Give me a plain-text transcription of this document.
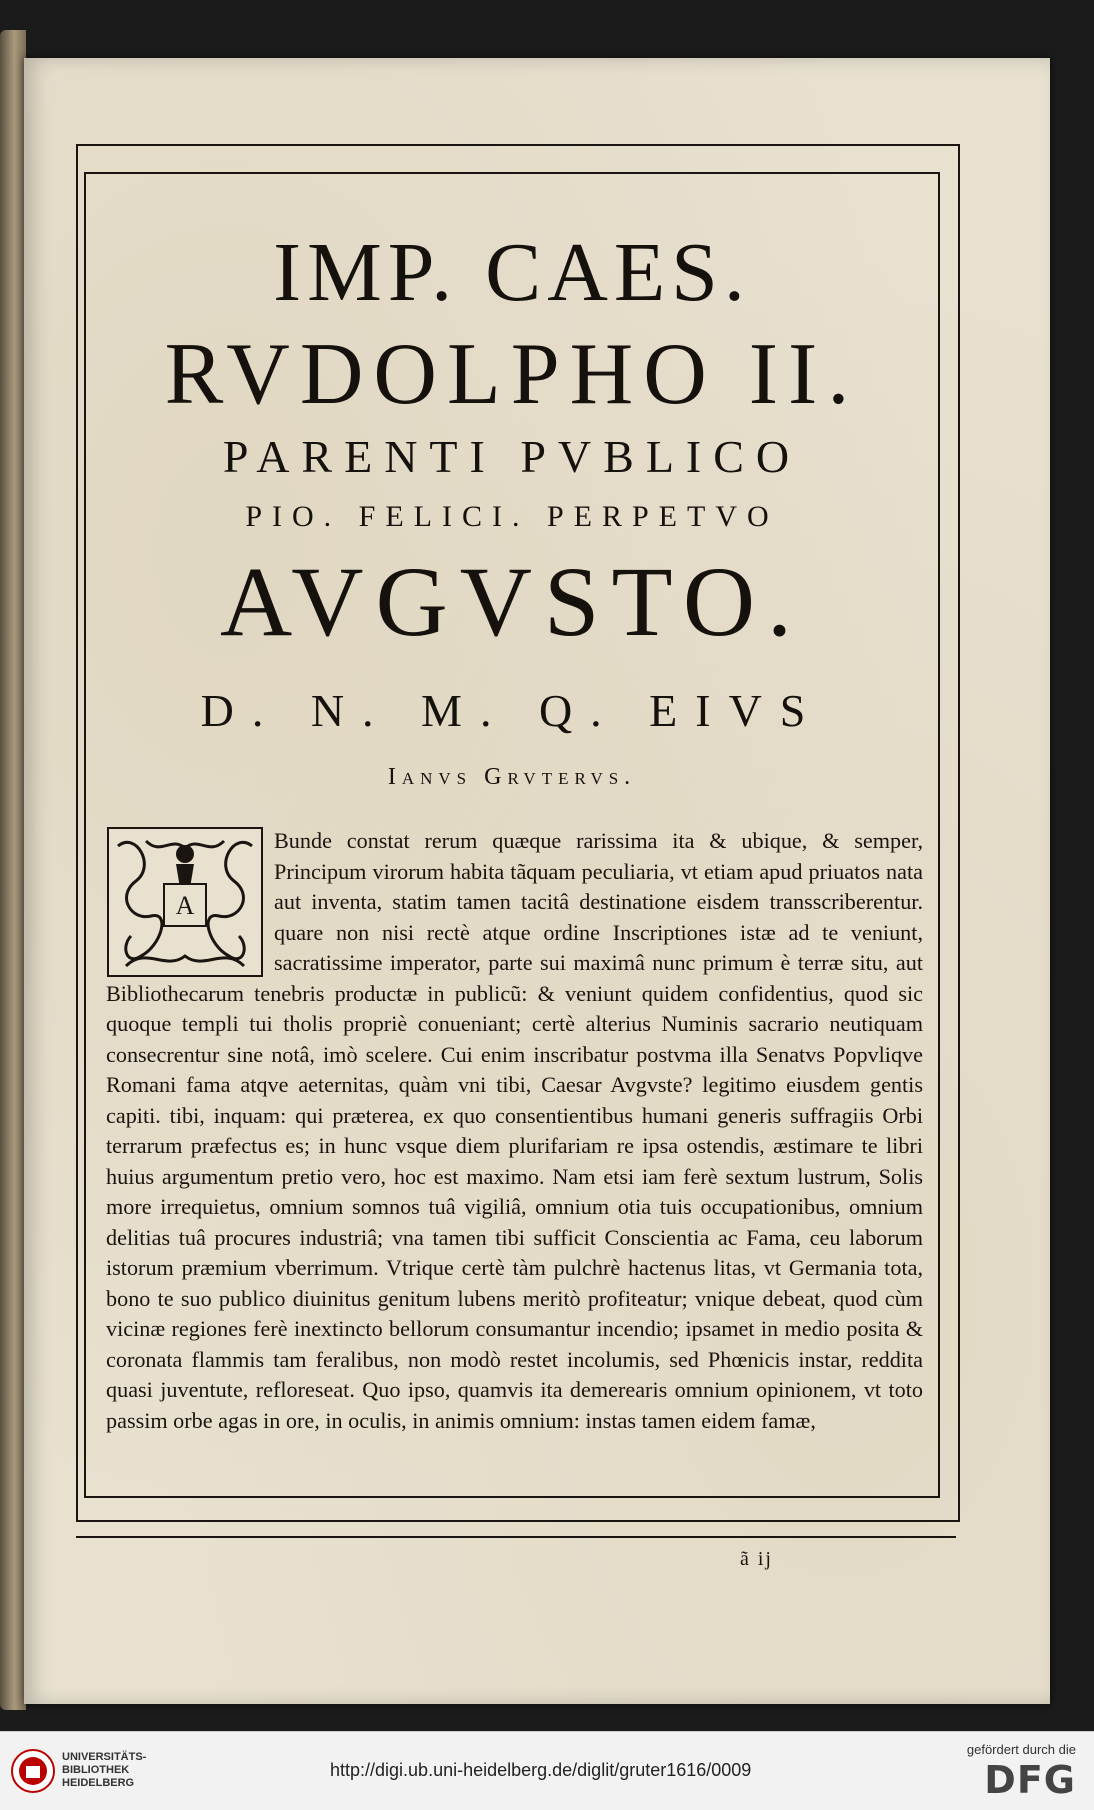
IMP. CAES.
RVDOLPHO II.
PARENTI PVBLICO
PIO. FELICI. PERPETVO
AVGVSTO.
D. N. M. Q. EIVS
Ianvs Grvtervs.
A
Bunde constat rerum quæque rarissima ita & ubique, & semper, Principum virorum habita tãquam peculiaria, vt etiam apud priuatos nata aut inventa, statim tamen tacitâ destinatione eisdem transscriberentur. quare non nisi rectè atque ordine Inscriptiones istæ ad te veniunt, sacratissime imperator, parte sui maximâ nunc primum è terræ situ, aut Bibliothecarum tenebris productæ in publicũ: & veniunt quidem confidentius, quod sic quoque templi tui tholis propriè conueniant; certè alterius Numinis sacrario neutiquam consecrentur sine notâ, imò scelere. Cui enim inscribatur postvma illa Senatvs Popvliqve Romani fama atqve aeternitas, quàm vni tibi, Caesar Avgvste? legitimo eiusdem gentis capiti. tibi, inquam: qui præterea, ex quo consentientibus humani generis suffragiis Orbi terrarum præfectus es; in hunc vsque diem plurifariam re ipsa ostendis, æstimare te libri huius argumentum pretio vero, hoc est maximo. Nam etsi iam ferè sextum lustrum, Solis more irrequietus, omnium somnos tuâ vigiliâ, omnium otia tuis occupationibus, omnium delitias tuâ procures industriâ; vna tamen tibi sufficit Conscientia ac Fama, ceu laborum istorum præmium vberrimum. Vtrique certè tàm pulchrè hactenus litas, vt Germania tota, bono te suo publico diuinitus genitum lubens meritò profiteatur; vnique debeat, quod cùm vicinæ regiones ferè inextincto bellorum consumantur incendio; ipsamet in medio posita & coronata flammis tam feralibus, non modò restet incolumis, sed Phœnicis instar, reddita quasi juventute, refloreseat. Quo ipso, quamvis ita demerearis omnium opinionem, vt toto passim orbe agas in ore, in oculis, in animis omnium: instas tamen eidem famæ,
ã ij
UNIVERSITÄTS-
BIBLIOTHEK
HEIDELBERG
http://digi.ub.uni-heidelberg.de/diglit/gruter1616/0009
gefördert durch die
DFG
